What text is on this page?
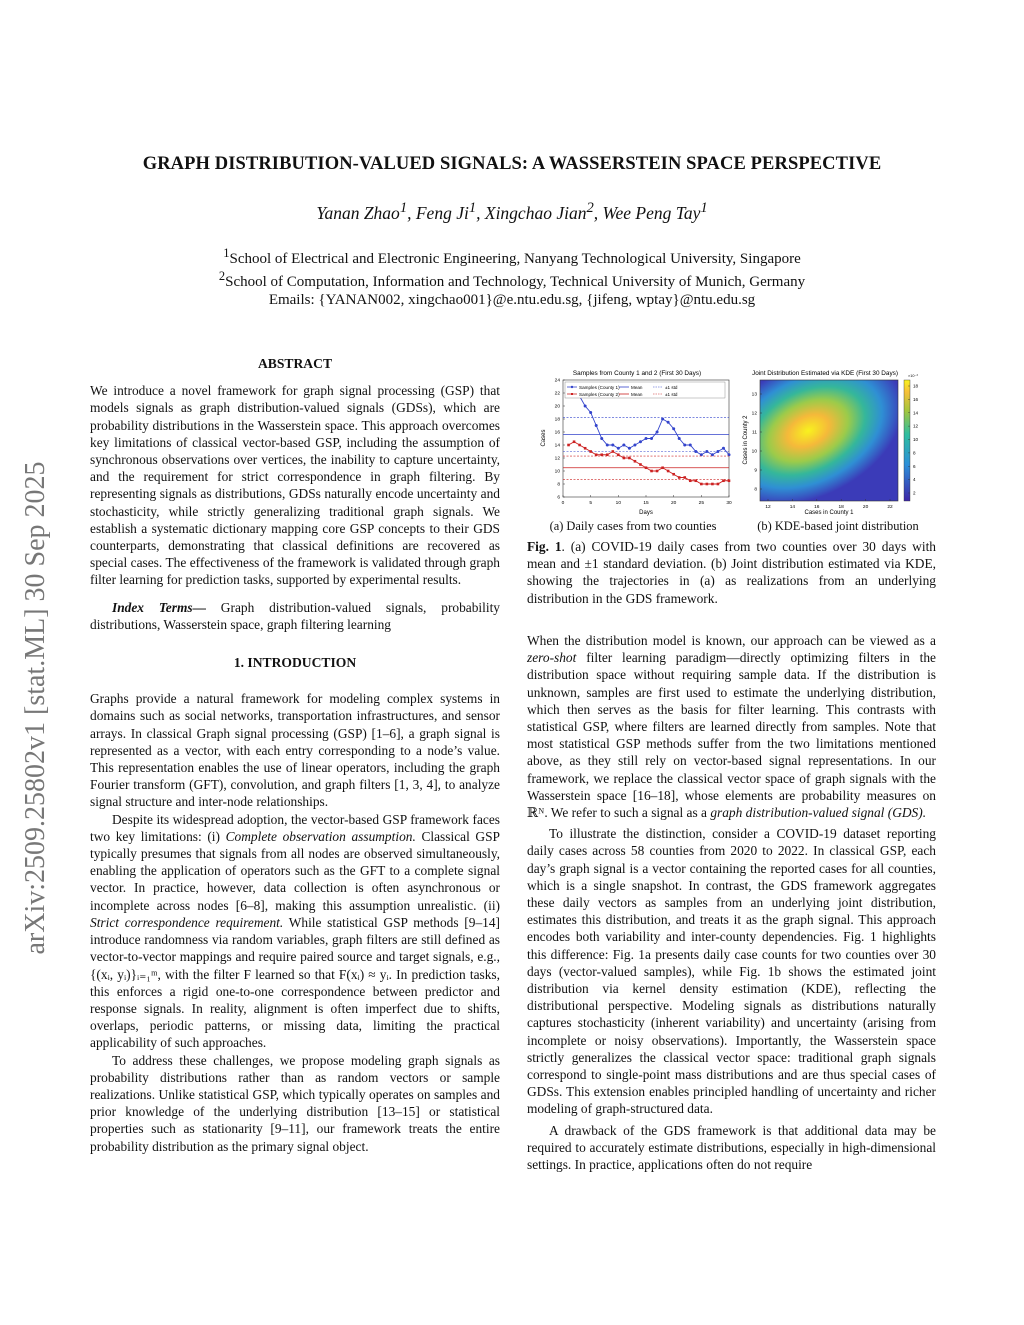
arXiv:2509.25802v1 [stat.ML] 30 Sep 2025
GRAPH DISTRIBUTION-VALUED SIGNALS: A WASSERSTEIN SPACE PERSPECTIVE
Yanan Zhao$^1$, Feng Ji$^1$, Xingchao Jian$^2$, Wee Peng Tay$^1$
$^1$School of Electrical and Electronic Engineering, Nanyang Technological University, Singapore
$^2$School of Computation, Information and Technology, Technical University of Munich, Germany
Emails: {YANAN002, xingchao001}@e.ntu.edu.sg, {jifeng, wptay}@ntu.edu.sg
ABSTRACT

We introduce a novel framework for graph signal processing (GSP) that models signals as graph distribution-valued signals (GDSs), which are probability distributions in the Wasserstein space. This approach overcomes key limitations of classical vector-based GSP, including the assumption of synchronous observations over vertices, the inability to capture uncertainty, and the requirement for strict correspondence in graph filtering. By representing signals as distributions, GDSs naturally encode uncertainty and stochasticity, while strictly generalizing traditional graph signals. We establish a systematic dictionary mapping core GSP concepts to their GDS counterparts, demonstrating that classical definitions are recovered as special cases. The effectiveness of the framework is validated through graph filter learning for prediction tasks, supported by experimental results.

Index Terms— Graph distribution-valued signals, probability distributions, Wasserstein space, graph filtering learning

1. INTRODUCTION

Graphs provide a natural framework for modeling complex systems in domains such as social networks, transportation infrastructures, and sensor arrays. In classical Graph signal processing (GSP) [1–6], a graph signal is represented as a vector, with each entry corresponding to a node’s value. This representation enables the use of linear operators, including the graph Fourier transform (GFT), convolution, and graph filters [1, 3, 4], to analyze signal structure and inter-node relationships.

Despite its widespread adoption, the vector-based GSP framework faces two key limitations: (i) Complete observation assumption. Classical GSP typically presumes that signals from all nodes are observed simultaneously, enabling the application of operators such as the GFT to a complete signal vector. In practice, however, data collection is often asynchronous or incomplete across nodes [6–8], making this assumption unrealistic. (ii) Strict correspondence requirement. While statistical GSP methods [9–14] introduce randomness via random variables, graph filters are still defined as vector-to-vector mappings and require paired source and target signals, e.g., {(xᵢ, yᵢ)}ᵢ₌₁ᵐ, with the filter F learned so that F(xᵢ) ≈ yᵢ. In prediction tasks, this enforces a rigid one-to-one correspondence between predictor and response signals. In reality, alignment is often imperfect due to shifts, overlaps, periodic patterns, or missing data, limiting the practical applicability of such approaches.

To address these challenges, we propose modeling graph signals as probability distributions rather than as random vectors or sample realizations. Unlike statistical GSP, which typically operates on samples and prior knowledge of the underlying distribution [13–15] or statistical properties such as stationarity [9–11], our framework treats the entire probability distribution as the primary signal object.

Samples from County 1 and 2 (First 30 Days)
0	5	10	15	20	25	30
6
8
10
12
14
16
18
20
22
24
Samples (County 1) Mean	±1 std
Samples (County 2) Mean	±1 std
Days
Cases
Joint Distribution Estimated via KDE (First 30 Days)	×10⁻³
12	14	16	18	20	22
8
9
10
11
12
13
2
4
6
8
10
12
14
16
18
Cases in County 1
Cases in County 2
(a) Daily cases from two counties	(b) KDE-based joint distribution
Fig. 1. (a) COVID-19 daily cases from two counties over 30 days with mean and ±1 standard deviation. (b) Joint distribution estimated via KDE, showing the trajectories in (a) as realizations from an underlying distribution in the GDS framework.

When the distribution model is known, our approach can be viewed as a zero-shot filter learning paradigm—directly optimizing filters in the distribution space without requiring sample data. If the distribution is unknown, samples are first used to estimate the underlying distribution, which then serves as the basis for filter learning. This contrasts with statistical GSP, where filters are learned directly from samples. Note that most statistical GSP methods suffer from the two limitations mentioned above, as they still rely on vector-based signal representations. In our framework, we replace the classical vector space of graph signals with the Wasserstein space [16–18], whose elements are probability measures on ℝᴺ. We refer to such a signal as a graph distribution-valued signal (GDS).

To illustrate the distinction, consider a COVID-19 dataset reporting daily cases across 58 counties from 2020 to 2022. In classical GSP, each day’s graph signal is a vector containing the reported cases for all counties, which is a single snapshot. In contrast, the GDS framework aggregates these daily vectors as samples from an underlying joint distribution, estimates this distribution, and treats it as the graph signal. This approach encodes both variability and inter-county dependencies. Fig. 1 highlights this difference: Fig. 1a presents daily case counts for two counties over 30 days (vector-valued samples), while Fig. 1b shows the estimated joint distribution via kernel density estimation (KDE), reflecting the distributional perspective. Modeling signals as distributions naturally captures stochasticity (inherent variability) and uncertainty (arising from incomplete or noisy observations). Importantly, the Wasserstein space strictly generalizes the classical vector space: traditional graph signals correspond to single-point mass distributions and are thus special cases of GDSs. This extension enables principled handling of uncertainty and richer modeling of graph-structured data.

A drawback of the GDS framework is that additional data may be required to accurately estimate distributions, especially in high-dimensional settings. In practice, applications often do not require
